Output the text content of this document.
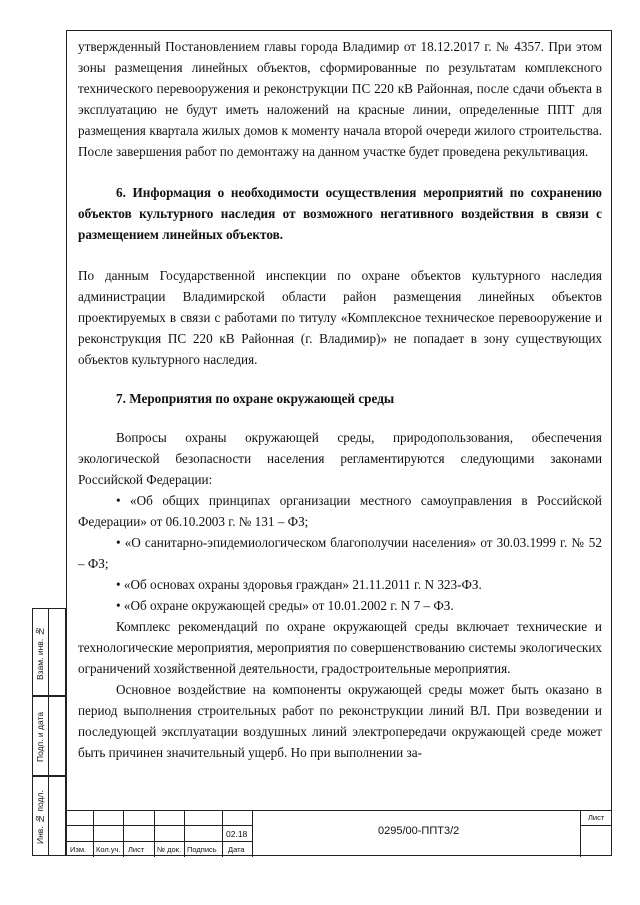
утвержденный Постановлением главы города Владимир от 18.12.2017 г. № 4357. При этом зоны размещения линейных объектов, сформированные по результатам комплексного технического перевооружения и реконструкции ПС 220 кВ Районная, после сдачи объекта в эксплуатацию не будут иметь наложений на красные линии, определенные ППТ для размещения квартала жилых домов к моменту начала второй очереди жилого строительства. После завершения работ по демонтажу на данном участке будет проведена рекультивация.

6. Информация о необходимости осуществления мероприятий по сохранению объектов культурного наследия от возможного негативного воздействия в связи с размещением линейных объектов.

По данным Государственной инспекции по охране объектов культурного наследия администрации Владимирской области район размещения линейных объектов проектируемых в связи с работами по титулу «Комплексное техническое перевооружение и реконструкция ПС 220 кВ Районная (г. Владимир)» не попадает в зону существующих объектов культурного наследия.

7. Мероприятия по охране окружающей среды

Вопросы охраны окружающей среды, природопользования, обеспечения экологической безопасности населения регламентируются следующими законами Российской Федерации:

• «Об общих принципах организации местного самоуправления в Российской Федерации» от 06.10.2003 г. № 131 – ФЗ;

• «О санитарно-эпидемиологическом благополучии населения» от 30.03.1999 г. № 52 – ФЗ;

• «Об основах охраны здоровья граждан» 21.11.2011 г. N 323-ФЗ.

• «Об охране окружающей среды» от 10.01.2002 г. N 7 – ФЗ.

Комплекс рекомендаций по охране окружающей среды включает технические и технологические мероприятия, мероприятия по совершенствованию системы экологических ограничений хозяйственной деятельности, градостроительные мероприятия.

Основное воздействие на компоненты окружающей среды может быть оказано в период выполнения строительных работ по реконструкции линий ВЛ. При возведении и последующей эксплуатации воздушных линий электропередачи окружающей среде может быть причинен значительный ущерб. Но при выполнении за-

Взам. инв. №
Подп. и дата
Инв. № подл.
Изм. Кол.уч. Лист № док. Подпись Дата
02.18	0295/00-ППТ3/2
Лист
